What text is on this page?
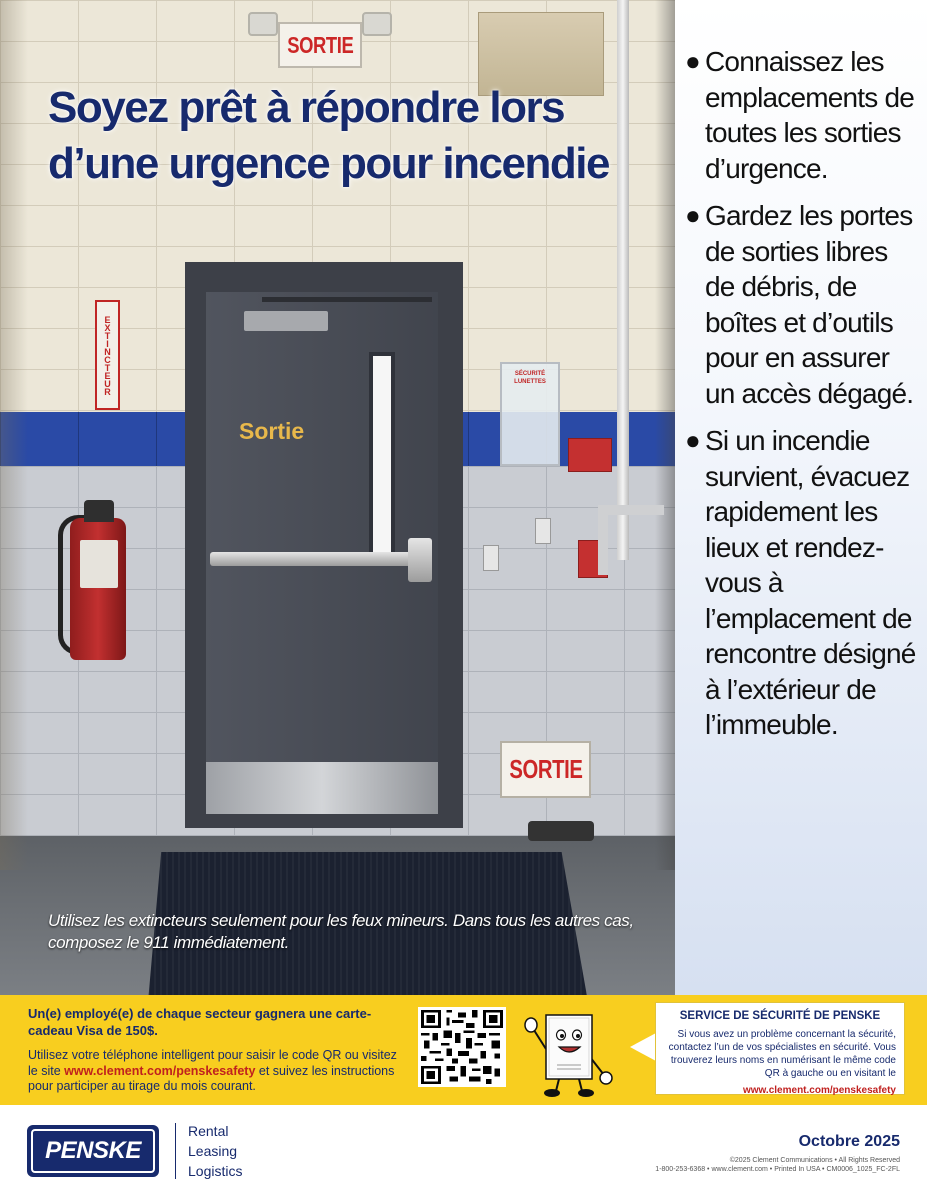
SORTIE
Sortie
EXTINCTEUR	SÉCURITÉ LUNETTES
SORTIE
Soyez prêt à répondre lors d’une urgence pour incendie

Utilisez les extincteurs seulement pour les feux mineurs. Dans tous les autres cas, composez le 911 immédiatement.

● Connaissez les emplacements de toutes les sorties d’urgence.
● Gardez les portes de sorties libres de débris, de boîtes et d’outils pour en assurer un accès dégagé.
● Si un incendie survient, évacuez rapidement les lieux et rendez-vous à l’emplacement de rencontre désigné à l’extérieur de l’immeuble.
Un(e) employé(e) de chaque secteur gagnera une carte-cadeau Visa de 150$.
Utilisez votre téléphone intelligent pour saisir le code QR ou visitez le site www.clement.com/penskesafety et suivez les instructions pour participer au tirage du mois courant.
SERVICE DE SÉCURITÉ DE PENSKE
Si vous avez un problème concernant la sécurité, contactez l’un de vos spécialistes en sécurité. Vous trouverez leurs noms en numérisant le même code QR à gauche ou en visitant le
www.clement.com/penskesafety
PENSKE
Rental
Leasing
Logistics
Octobre 2025
©2025 Clement Communications • All Rights Reserved
1-800-253-6368 • www.clement.com • Printed In USA • CM0006_1025_FC-2FL
